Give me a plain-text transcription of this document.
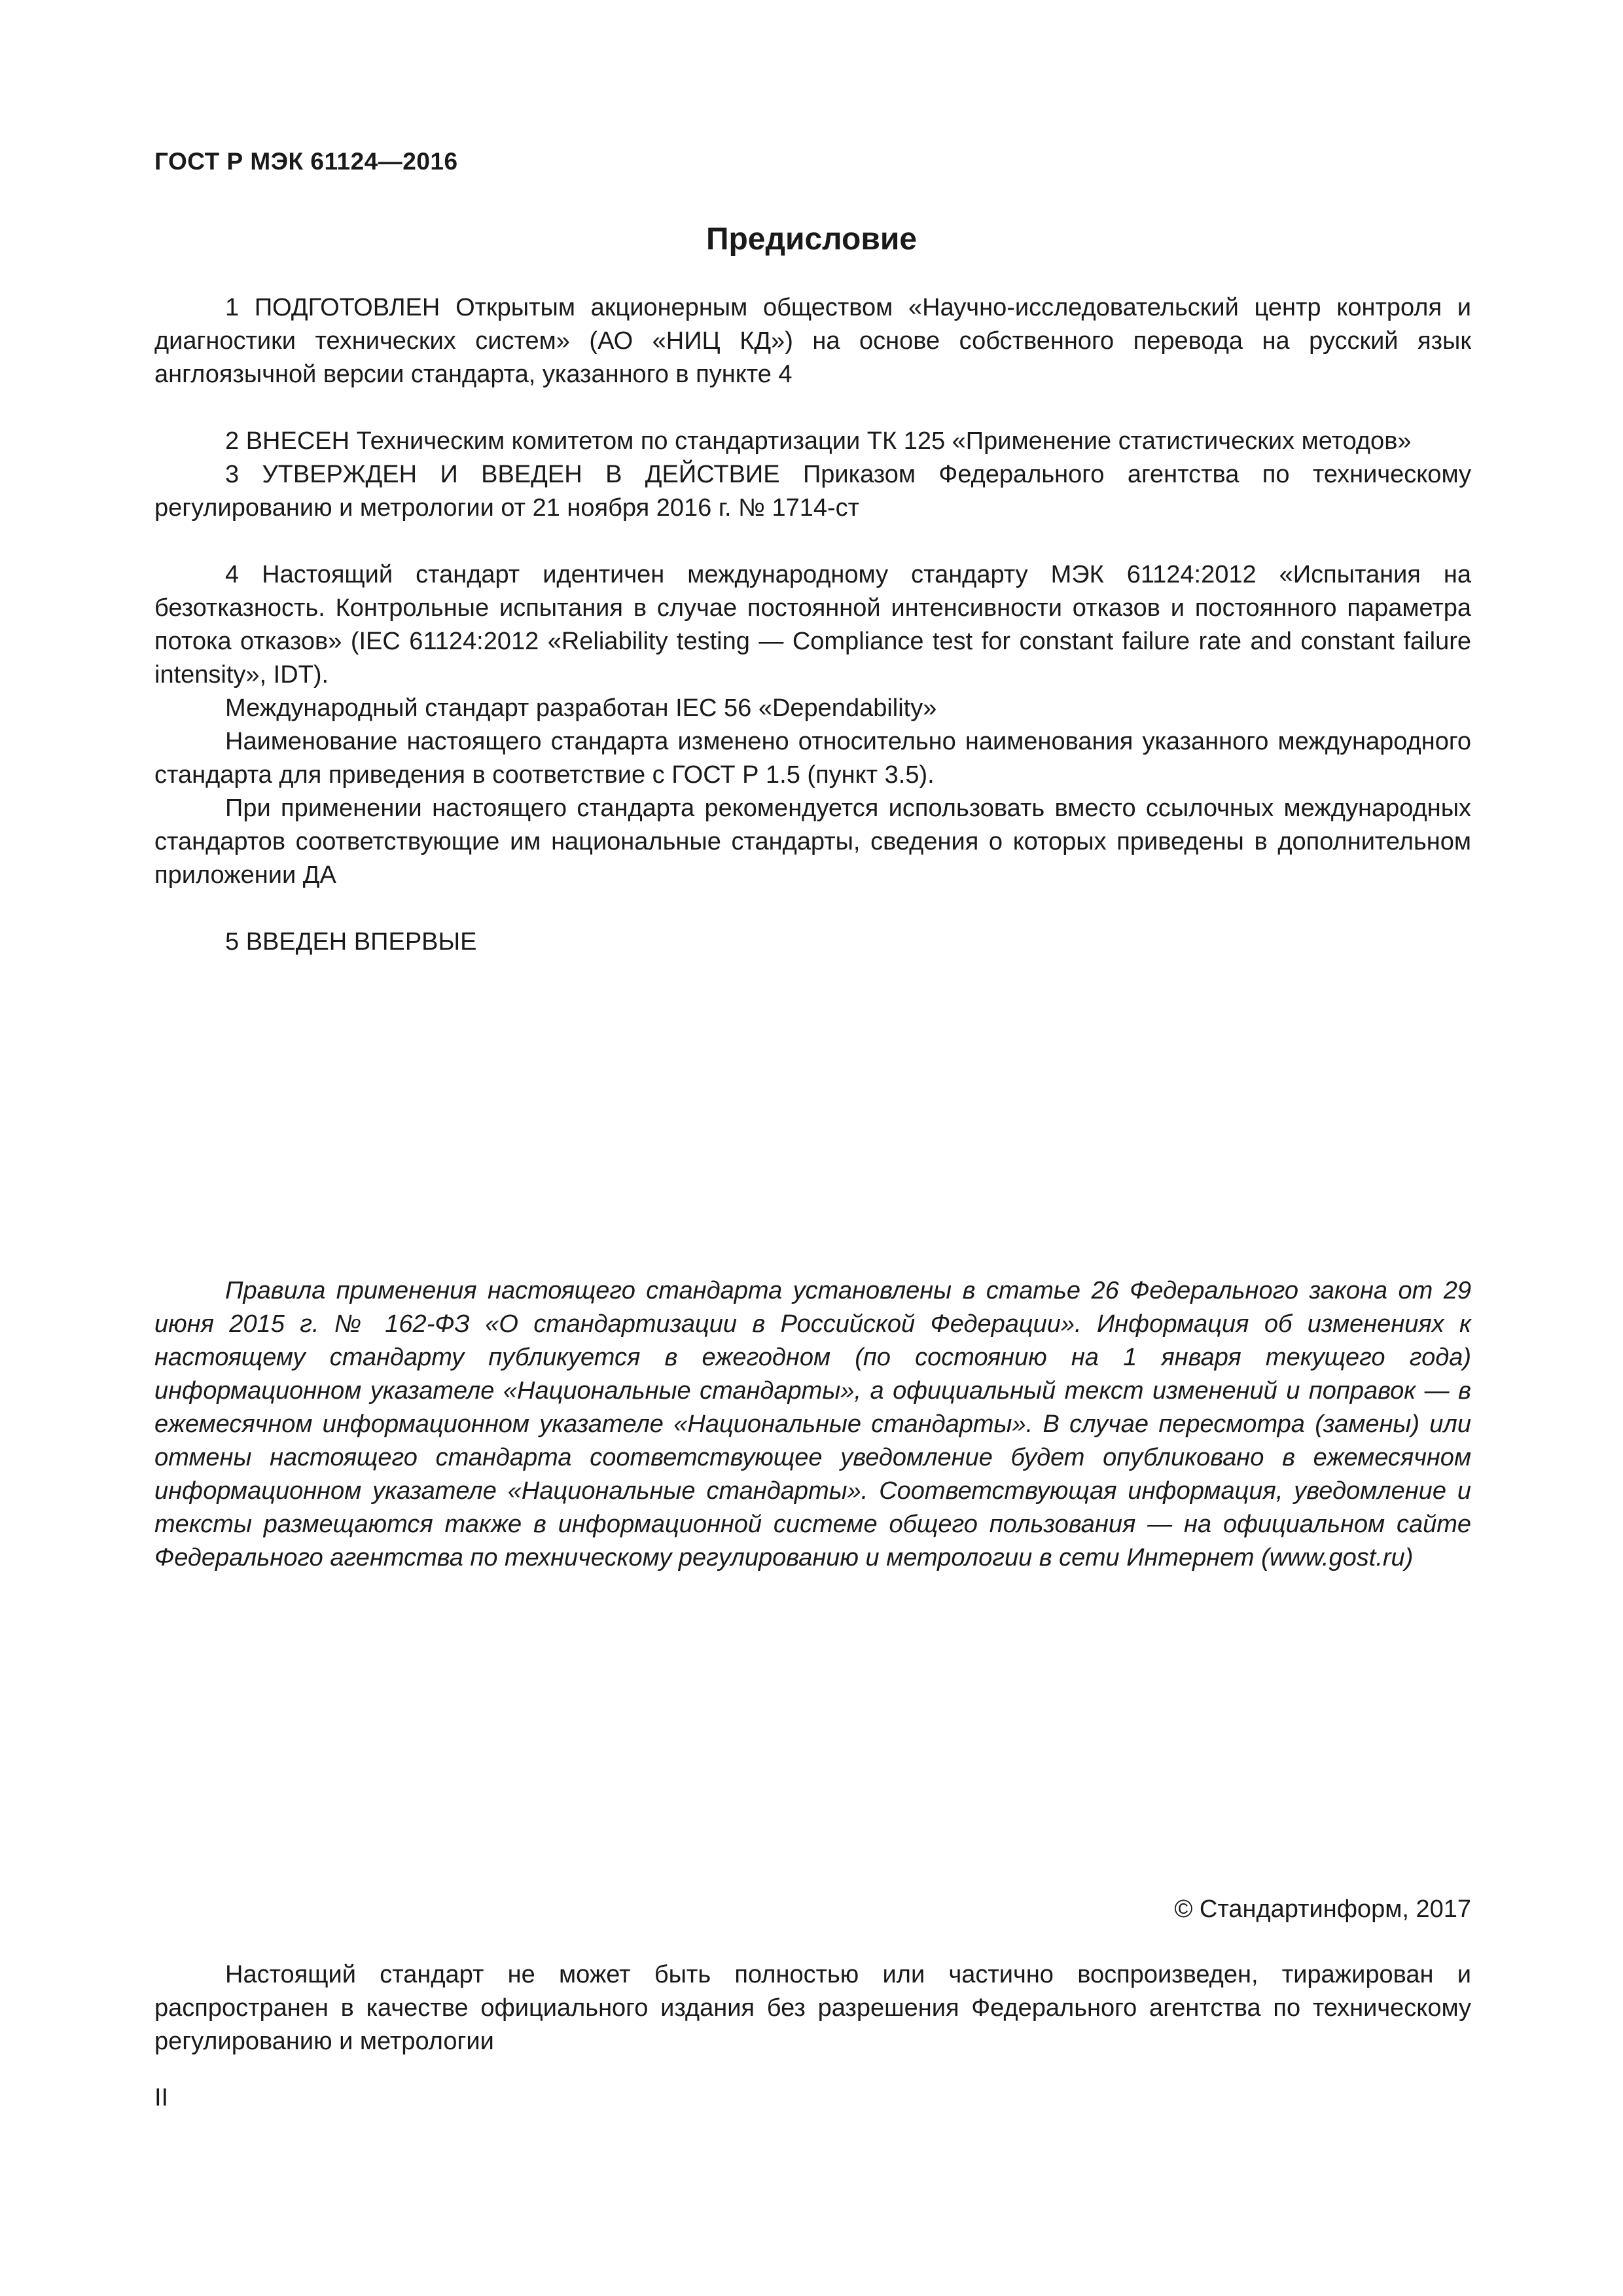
ГОСТ Р МЭК 61124—2016
Предисловие

1 ПОДГОТОВЛЕН Открытым акционерным обществом «Научно-исследовательский центр контроля и диагностики технических систем» (АО «НИЦ КД») на основе собственного перевода на русский язык англоязычной версии стандарта, указанного в пункте 4

2 ВНЕСЕН Техническим комитетом по стандартизации ТК 125 «Применение статистических методов»

3 УТВЕРЖДЕН И ВВЕДЕН В ДЕЙСТВИЕ Приказом Федерального агентства по техническому регулированию и метрологии от 21 ноября 2016 г. № 1714-ст

4 Настоящий стандарт идентичен международному стандарту МЭК 61124:2012 «Испытания на безотказность. Контрольные испытания в случае постоянной интенсивности отказов и постоянного параметра потока отказов» (IEC 61124:2012 «Reliability testing — Compliance test for constant failure rate and constant failure intensity», IDT).

Международный стандарт разработан IEC 56 «Dependability»

Наименование настоящего стандарта изменено относительно наименования указанного международного стандарта для приведения в соответствие с ГОСТ Р 1.5 (пункт 3.5).

При применении настоящего стандарта рекомендуется использовать вместо ссылочных международных стандартов соответствующие им национальные стандарты, сведения о которых приведены в дополнительном приложении ДА

5 ВВЕДЕН ВПЕРВЫЕ

Правила применения настоящего стандарта установлены в статье 26 Федерального закона от 29 июня 2015 г. № 162-ФЗ «О стандартизации в Российской Федерации». Информация об изменениях к настоящему стандарту публикуется в ежегодном (по состоянию на 1 января текущего года) информационном указателе «Национальные стандарты», а официальный текст изменений и поправок — в ежемесячном информационном указателе «Национальные стандарты». В случае пересмотра (замены) или отмены настоящего стандарта соответствующее уведомление будет опубликовано в ежемесячном информационном указателе «Национальные стандарты». Соответствующая информация, уведомление и тексты размещаются также в информационной системе общего пользования — на официальном сайте Федерального агентства по техническому регулированию и метрологии в сети Интернет (www.gost.ru)

© Стандартинформ, 2017

Настоящий стандарт не может быть полностью или частично воспроизведен, тиражирован и распространен в качестве официального издания без разрешения Федерального агентства по техническому регулированию и метрологии

II
